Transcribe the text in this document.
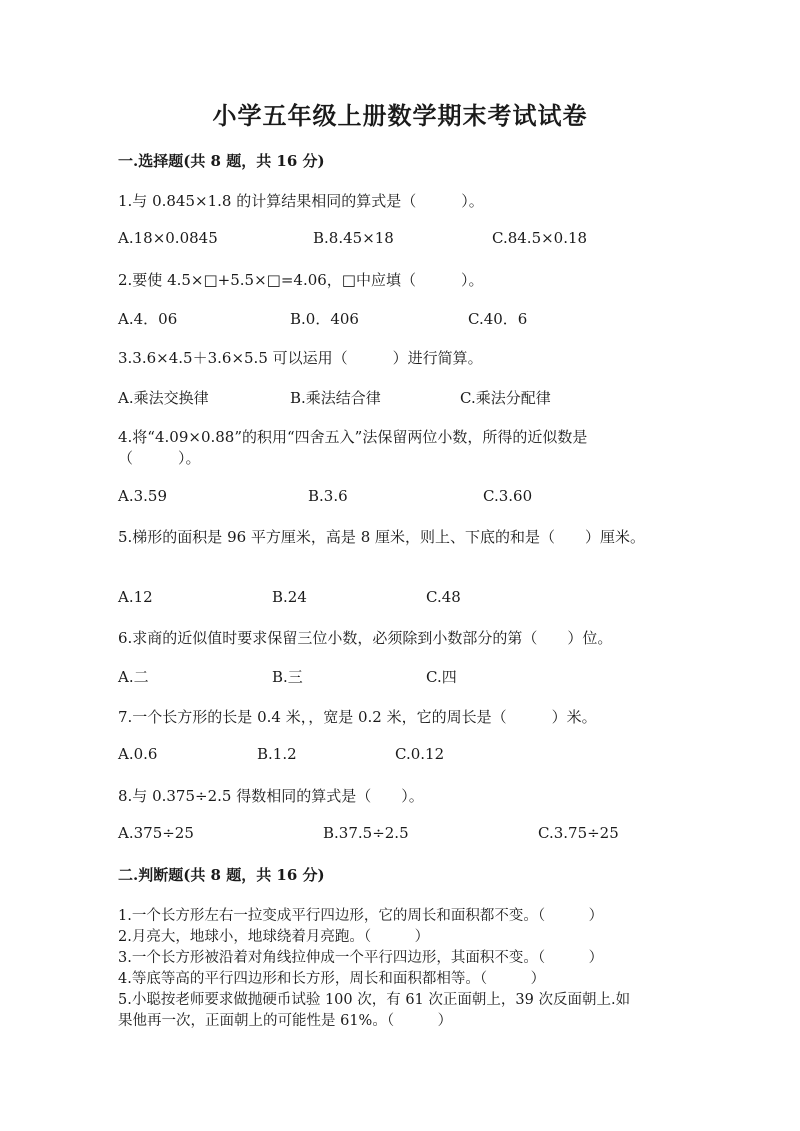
小学五年级上册数学期末考试试卷
一.选择题(共 8 题，共 16 分)
1.与 0.845×1.8 的计算结果相同的算式是（　　　）。
A.18×0.0845	B.8.45×18	C.84.5×0.18
2.要使 4.5×□+5.5×□=4.06，□中应填（　　　）。
A.4．06	B.0．406	C.40．6
3.3.6×4.5＋3.6×5.5 可以运用（　　　）进行简算。
A.乘法交换律	B.乘法结合律	C.乘法分配律
4.将“4.09×0.88”的积用“四舍五入”法保留两位小数，所得的近似数是
（　　　）。
A.3.59	B.3.6	C.3.60
5.梯形的面积是 96 平方厘米，高是 8 厘米，则上、下底的和是（　　）厘米。
A.12	B.24	C.48
6.求商的近似值时要求保留三位小数，必须除到小数部分的第（　　）位。
A.二	B.三	C.四
7.一个长方形的长是 0.4 米，，宽是 0.2 米，它的周长是（　　　）米。
A.0.6	B.1.2	C.0.12
8.与 0.375÷2.5 得数相同的算式是（　　）。
A.375÷25	B.37.5÷2.5	C.3.75÷25
二.判断题(共 8 题，共 16 分)
1.一个长方形左右一拉变成平行四边形，它的周长和面积都不变。（　　　）
2.月亮大，地球小，地球绕着月亮跑。（　　　）
3.一个长方形被沿着对角线拉伸成一个平行四边形，其面积不变。（　　　）
4.等底等高的平行四边形和长方形，周长和面积都相等。（　　　）
5.小聪按老师要求做抛硬币试验 100 次，有 61 次正面朝上，39 次反面朝上.如
果他再一次，正面朝上的可能性是 61%。（　　　）
